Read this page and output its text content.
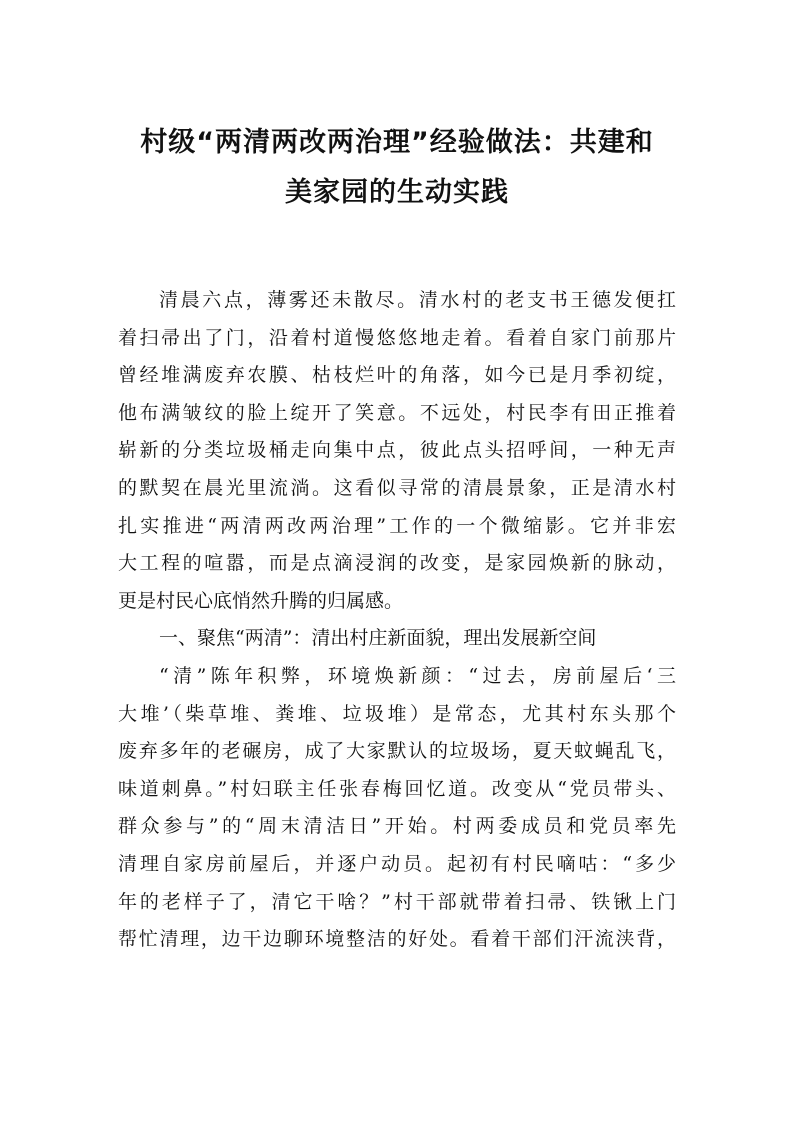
村级“两清两改两治理”经验做法：共建和
美家园的生动实践
清晨六点，薄雾还未散尽。清水村的老支书王德发便扛
着扫帚出了门，沿着村道慢悠悠地走着。看着自家门前那片
曾经堆满废弃农膜、枯枝烂叶的角落，如今已是月季初绽，
他布满皱纹的脸上绽开了笑意。不远处，村民李有田正推着
崭新的分类垃圾桶走向集中点，彼此点头招呼间，一种无声
的默契在晨光里流淌。这看似寻常的清晨景象，正是清水村
扎实推进“两清两改两治理”工作的一个微缩影。它并非宏
大工程的喧嚣，而是点滴浸润的改变，是家园焕新的脉动，
更是村民心底悄然升腾的归属感。
一、聚焦“两清”：清出村庄新面貌，理出发展新空间
“清”陈年积弊，环境焕新颜：“过去，房前屋后‘三
大堆’（柴草堆、粪堆、垃圾堆）是常态，尤其村东头那个
废弃多年的老碾房，成了大家默认的垃圾场，夏天蚊蝇乱飞，
味道刺鼻。”村妇联主任张春梅回忆道。改变从“党员带头、
群众参与”的“周末清洁日”开始。村两委成员和党员率先
清理自家房前屋后，并逐户动员。起初有村民嘀咕：“多少
年的老样子了，清它干啥？”村干部就带着扫帚、铁锹上门
帮忙清理，边干边聊环境整洁的好处。看着干部们汗流浃背，
